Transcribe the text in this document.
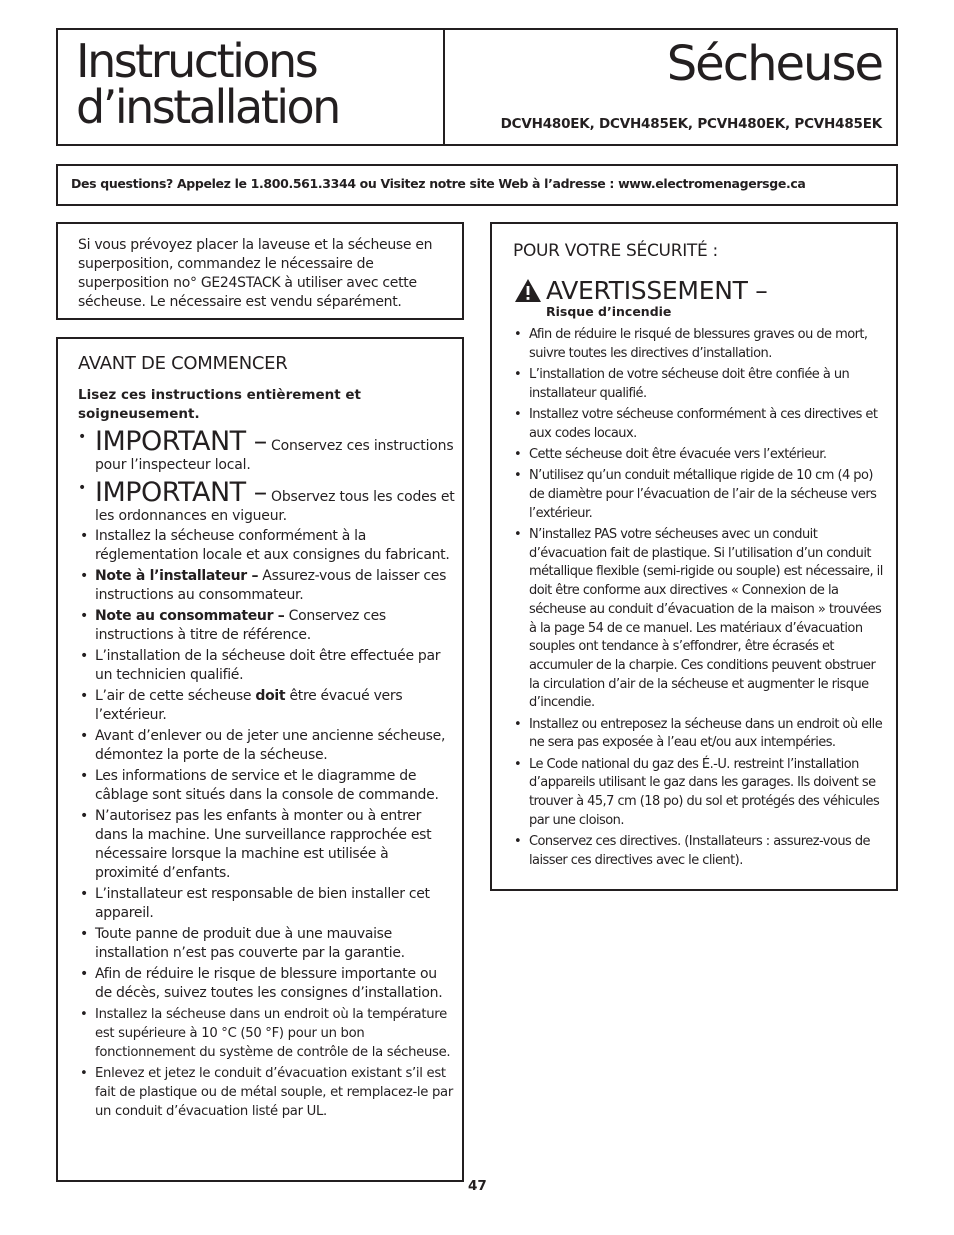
Instructions
d’installation
Sécheuse
DCVH480EK, DCVH485EK, PCVH480EK, PCVH485EK
Des questions? Appelez le 1.800.561.3344 ou Visitez notre site Web à l’adresse : www.electromenagersge.ca

Si vous prévoyez placer la laveuse et la sécheuse en superposition, commandez le nécessaire de superposition no° GE24STACK à utiliser avec cette sécheuse. Le nécessaire est vendu séparément.

AVANT DE COMMENCER

Lisez ces instructions entièrement et soigneusement.

• IMPORTANT – Conservez ces instructions pour l’inspecteur local.
• IMPORTANT – Observez tous les codes et les ordonnances en vigueur.
• Installez la sécheuse conformément à la réglementation locale et aux consignes du fabricant.
• Note à l’installateur – Assurez-vous de laisser ces instructions au consommateur.
• Note au consommateur – Conservez ces instructions à titre de référence.
• L’installation de la sécheuse doit être effectuée par un technicien qualifié.
• L’air de cette sécheuse doit être évacué vers l’extérieur.
• Avant d’enlever ou de jeter une ancienne sécheuse, démontez la porte de la sécheuse.
• Les informations de service et le diagramme de câblage sont situés dans la console de commande.
• N’autorisez pas les enfants à monter ou à entrer dans la machine. Une surveillance rapprochée est nécessaire lorsque la machine est utilisée à proximité d’enfants.
• L’installateur est responsable de bien installer cet appareil.
• Toute panne de produit due à une mauvaise installation n’est pas couverte par la garantie.
• Afin de réduire le risque de blessure importante ou de décès, suivez toutes les consignes d’installation.
• Installez la sécheuse dans un endroit où la température est supérieure à 10 °C (50 °F) pour un bon fonctionnement du système de contrôle de la sécheuse.
• Enlevez et jetez le conduit d’évacuation existant s’il est fait de plastique ou de métal souple, et remplacez-le par un conduit d’évacuation listé par UL.
POUR VOTRE SÉCURITÉ :
AVERTISSEMENT –
Risque d’incendie
• Afin de réduire le risqué de blessures graves ou de mort, suivre toutes les directives d’installation.
• L’installation de votre sécheuse doit être confiée à un installateur qualifié.
• Installez votre sécheuse conformément à ces directives et aux codes locaux.
• Cette sécheuse doit être évacuée vers l’extérieur.
• N’utilisez qu’un conduit métallique rigide de 10 cm (4 po) de diamètre pour l’évacuation de l’air de la sécheuse vers l’extérieur.
• N’installez PAS votre sécheuses avec un conduit d’évacuation fait de plastique. Si l’utilisation d’un conduit métallique flexible (semi-rigide ou souple) est nécessaire, il doit être conforme aux directives « Connexion de la sécheuse au conduit d’évacuation de la maison » trouvées à la page 54 de ce manuel. Les matériaux d’évacuation souples ont tendance à s’effondrer, être écrasés et accumuler de la charpie. Ces conditions peuvent obstruer la circulation d’air de la sécheuse et augmenter le risque d’incendie.
• Installez ou entreposez la sécheuse dans un endroit où elle ne sera pas exposée à l’eau et/ou aux intempéries.
• Le Code national du gaz des É.-U. restreint l’installation d’appareils utilisant le gaz dans les garages. Ils doivent se trouver à 45,7 cm (18 po) du sol et protégés des véhicules par une cloison.
• Conservez ces directives. (Installateurs : assurez-vous de laisser ces directives avec le client).
47
